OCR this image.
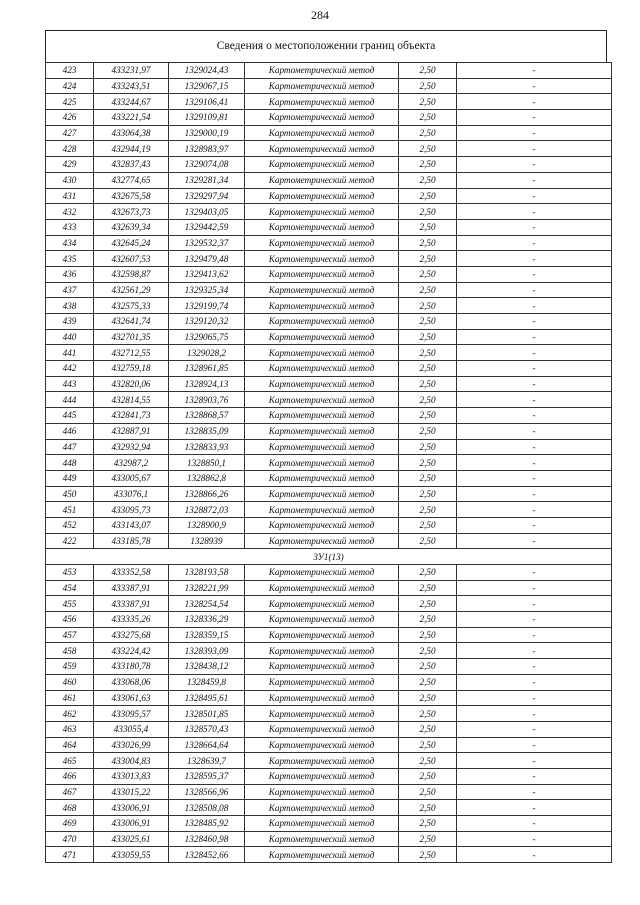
284
Сведения о местоположении границ объекта
423	433231,97	1329024,43	Картометрический метод	2,50	-
424	433243,51	1329067,15	Картометрический метод	2,50	-
425	433244,67	1329106,41	Картометрический метод	2,50	-
426	433221,54	1329109,81	Картометрический метод	2,50	-
427	433064,38	1329000,19	Картометрический метод	2,50	-
428	432944,19	1328983,97	Картометрический метод	2,50	-
429	432837,43	1329074,08	Картометрический метод	2,50	-
430	432774,65	1329281,34	Картометрический метод	2,50	-
431	432675,58	1329297,94	Картометрический метод	2,50	-
432	432673,73	1329403,05	Картометрический метод	2,50	-
433	432639,34	1329442,59	Картометрический метод	2,50	-
434	432645,24	1329532,37	Картометрический метод	2,50	-
435	432607,53	1329479,48	Картометрический метод	2,50	-
436	432598,87	1329413,62	Картометрический метод	2,50	-
437	432561,29	1329325,34	Картометрический метод	2,50	-
438	432575,33	1329199,74	Картометрический метод	2,50	-
439	432641,74	1329120,32	Картометрический метод	2,50	-
440	432701,35	1329065,75	Картометрический метод	2,50	-
441	432712,55	1329028,2	Картометрический метод	2,50	-
442	432759,18	1328961,85	Картометрический метод	2,50	-
443	432820,06	1328924,13	Картометрический метод	2,50	-
444	432814,55	1328903,76	Картометрический метод	2,50	-
445	432841,73	1328868,57	Картометрический метод	2,50	-
446	432887,91	1328835,09	Картометрический метод	2,50	-
447	432932,94	1328833,93	Картометрический метод	2,50	-
448	432987,2	1328850,1	Картометрический метод	2,50	-
449	433005,67	1328862,8	Картометрический метод	2,50	-
450	433076,1	1328866,26	Картометрический метод	2,50	-
451	433095,73	1328872,03	Картометрический метод	2,50	-
452	433143,07	1328900,9	Картометрический метод	2,50	-
422	433185,78	1328939	Картометрический метод	2,50	-
ЗУ1(13)					
453	433352,58	1328193,58	Картометрический метод	2,50	-
454	433387,91	1328221,99	Картометрический метод	2,50	-
455	433387,91	1328254,54	Картометрический метод	2,50	-
456	433335,26	1328336,29	Картометрический метод	2,50	-
457	433275,68	1328359,15	Картометрический метод	2,50	-
458	433224,42	1328393,09	Картометрический метод	2,50	-
459	433180,78	1328438,12	Картометрический метод	2,50	-
460	433068,06	1328459,8	Картометрический метод	2,50	-
461	433061,63	1328495,61	Картометрический метод	2,50	-
462	433095,57	1328501,85	Картометрический метод	2,50	-
463	433055,4	1328570,43	Картометрический метод	2,50	-
464	433026,99	1328664,64	Картометрический метод	2,50	-
465	433004,83	1328639,7	Картометрический метод	2,50	-
466	433013,83	1328595,37	Картометрический метод	2,50	-
467	433015,22	1328566,96	Картометрический метод	2,50	-
468	433006,91	1328508,08	Картометрический метод	2,50	-
469	433006,91	1328485,92	Картометрический метод	2,50	-
470	433025,61	1328460,98	Картометрический метод	2,50	-
471	433059,55	1328452,66	Картометрический метод	2,50	-
